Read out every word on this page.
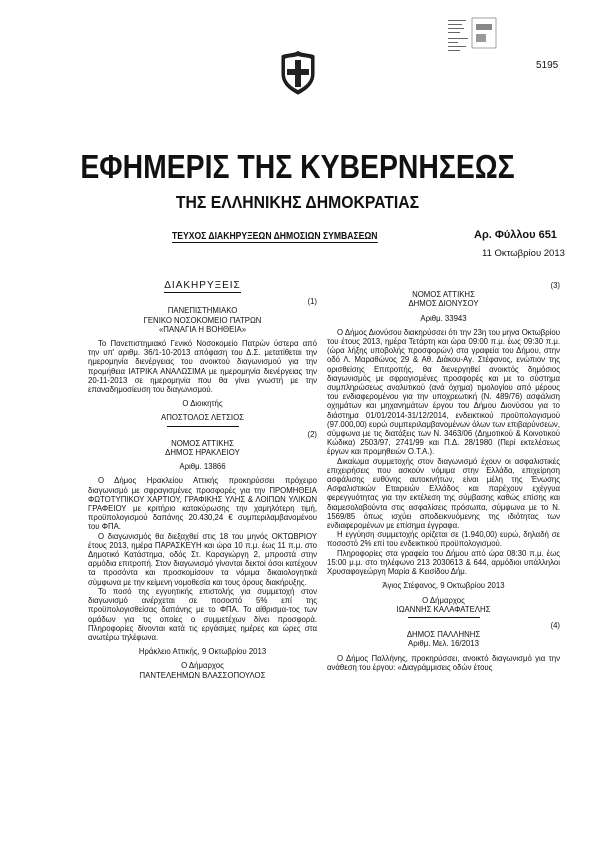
5195
ΕΦΗΜΕΡΙΣ ΤΗΣ ΚΥΒΕΡΝΗΣΕΩΣ
ΤΗΣ ΕΛΛΗΝΙΚΗΣ ΔΗΜΟΚΡΑΤΙΑΣ
ΤΕΥΧΟΣ ΔΙΑΚΗΡΥΞΕΩΝ ΔΗΜΟΣΙΩΝ ΣΥΜΒΑΣΕΩΝ	Αρ. Φύλλου 651
11 Οκτωβρίου 2013
ΔΙΑΚΗΡΥΞΕΙΣ
(1)
ΠΑΝΕΠΙΣΤΗΜΙΑΚΟ
ΓΕΝΙΚΟ ΝΟΣΟΚΟΜΕΙΟ ΠΑΤΡΩΝ
«ΠΑΝΑΓΙΑ Η ΒΟΗΘΕΙΑ»

Το Πανεπιστημιακό Γενικό Νοσοκομείο Πατρών ύστερα από την υπ' αριθμ. 36/1-10-2013 απόφαση του Δ.Σ. μετατίθεται την ημερομηνία διενέργειας του ανοικτού διαγωνισμού για την προμήθεια ΙΑΤΡΙΚΑ ΑΝΑΛΩΣΙΜΑ με ημερομηνία διενέργειας την 20-11-2013 σε ημερομηνία που θα γίνει γνωστή με την επαναδημοσίευση του διαγωνισμού.

Ο Διοικητής
ΑΠΟΣΤΟΛΟΣ ΛΕΤΣΙΟΣ
(2)
ΝΟΜΟΣ ΑΤΤΙΚΗΣ
ΔΗΜΟΣ ΗΡΑΚΛΕΙΟΥ
Αριθμ. 13866

Ο Δήμος Ηρακλείου Αττικής προκηρύσσει πρόχειρο διαγωνισμό με σφραγισμένες προσφορές για την ΠΡΟΜΗΘΕΙΑ ΦΩΤΟΤΥΠΙΚΟΥ ΧΑΡΤΙΟΥ, ΓΡΑΦΙΚΗΣ ΥΛΗΣ & ΛΟΙΠΩΝ ΥΛΙΚΩΝ ΓΡΑΦΕΙΟΥ με κριτήριο κατακύρωσης την χαμηλότερη τιμή, προϋπολογισμού δαπάνης 20.430,24 € συμπεριλαμβανομένου του ΦΠΑ.

Ο διαγωνισμός θα διεξαχθεί στις 18 του μηνός ΟΚΤΩΒΡΙΟΥ έτους 2013, ημέρα ΠΑΡΑΣΚΕΥΗ και ώρα 10 π.μ. έως 11 π.μ. στο Δημοτικό Κατάστημα, οδός Στ. Καραγιώργη 2, μπροστά στην αρμόδια επιτροπή. Στον διαγωνισμό γίνονται δεκτοί όσοι κατέχουν τα προσόντα και προσκομίσουν τα νόμιμα δικαιολογητικά σύμφωνα με την κείμενη νομοθεσία και τους όρους διακήρυξης.

Το ποσό της εγγυητικής επιστολής για συμμετοχή στον διαγωνισμό ανέρχεται σε ποσοστό 5% επί της προϋπολογισθείσας δαπάνης με το ΦΠΑ. Το αίθρισμα-τος των ομάδων για τις οποίες ο συμμετέχων δίνει προσφορά. Πληροφορίες δίνονται κατά τις εργάσιμες ημέρες και ώρες στα ανωτέρω τηλέφωνα.

Ηράκλειο Αττικής, 9 Οκτωβρίου 2013
Ο Δήμαρχος
ΠΑΝΤΕΛΕΗΜΩΝ ΒΛΑΣΣΟΠΟΥΛΟΣ
(3)
ΝΟΜΟΣ ΑΤΤΙΚΗΣ
ΔΗΜΟΣ ΔΙΟΝΥΣΟΥ
Αριθμ. 33943

Ο Δήμος Διονύσου διακηρύσσει ότι την 23η του μηνα Οκτωβρίου του έτους 2013, ημέρα Τετάρτη και ώρα 09:00 π.μ. έως 09:30 π.μ. (ώρα λήξης υποβολής προσφορών) στα γραφεία του Δήμου, στην οδό Λ. Μαραθώνος 29 & Αθ. Διάκου-Αγ. Στέφανος, ενώπιον της ορισθείσης Επιτροπής, θα διενεργηθεί ανοικτός δημόσιος διαγωνισμός με σφραγισμένες προσφορές και με το σύστημα συμπληρώσεως αναλυτικού (ανά όχημα) τιμολογίου από μέρους του ενδιαφερομένου για την υποχρεωτική (Ν. 489/76) ασφάλιση οχημάτων και μηχανημάτων έργου του Δήμου Διονύσου για το διάστημα 01/01/2014-31/12/2014, ενδεικτικού προϋπολογισμού (97.000,00) ευρώ συμπεριλαμβανομένων όλων των επιβαρύνσεων, σύμφωνα με τις διατάξεις των Ν. 3463/06 (Δημοτικού & Κοινοτικού Κώδικα) 2503/97, 2741/99 και Π.Δ. 28/1980 (Περί εκτελέσεως έργων και προμηθειών Ο.Τ.Α.).

Δικαίωμα συμμετοχής στον διαγωνισμό έχουν οι ασφαλιστικές επιχειρήσεις που ασκούν νόμιμα στην Ελλάδα, επιχείρηση ασφάλισης ευθύνης αυτοκινήτων, είναι μέλη της Ένωσης Ασφαλιστικών Εταιρειών Ελλάδος και παρέχουν εχέγγυα φερεγγυότητας για την εκτέλεση της σύμβασης καθώς επίσης και διαμεσολαβούντα στις ασφαλίσεις πρόσωπα, σύμφωνα με το Ν. 1569/85 όπως ισχύει αποδεικνυόμενης της ιδιότητας των ενδιαφερομένων με επίσημα έγγραφα.

Η εγγύηση συμμετοχής ορίζεται σε (1.940,00) ευρώ, δηλαδή σε ποσοστό 2% επί του ενδεικτικού προϋπολογισμού.

Πληροφορίες στα γραφεία του Δήμου από ώρα 08:30 π.μ. έως 15:00 μ.μ. στο τηλέφωνο 213 2030613 & 644, αρμόδιοι υπάλληλοι Χρυσαφογεώργη Μαρία & Κεισίδου Δήμ.

Άγιος Στέφανος, 9 Οκτωβρίου 2013
Ο Δήμαρχος
ΙΩΑΝΝΗΣ ΚΑΛΑΦΑΤΕΛΗΣ
(4)
ΔΗΜΟΣ ΠΑΛΛΗΝΗΣ
Αριθμ. Μελ. 16/2013

Ο Δήμος Παλλήνης, προκηρύσσει, ανοικτό διαγωνισμό για την ανάθεση του έργου: «Διαγράμμισεις οδών έτους
